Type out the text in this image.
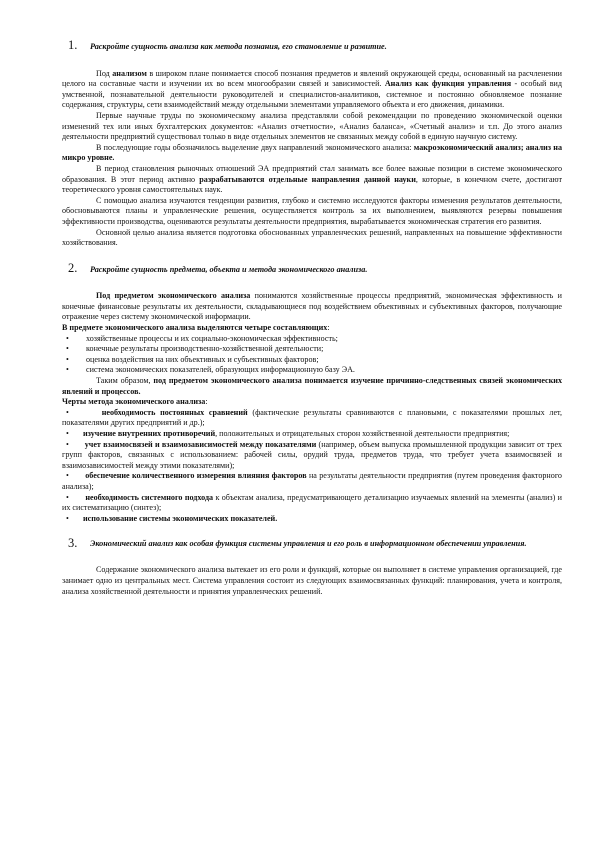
1.	Раскройте сущность анализа как метода познания, его становление и развитие.

Под анализом в широком плане понимается способ познания предметов и явлений окружающей среды, основанный на расчленении целого на составные части и изучении их во всем многообразии связей и зависимостей. Анализ как функция управления - особый вид умственной, познавательной деятельности руководителей и специалистов-аналитиков, системное и постоянно обновляемое познание содержания, структуры, сети взаимодействий между отдельными элементами управляемого объекта и его движения, динамики.

Первые научные труды по экономическому анализа представляли собой рекомендации по проведению экономической оценки изменений тех или иных бухгалтерских документов: «Анализ отчетности», «Анализ баланса», «Счетный анализ» и т.п. До этого анализ деятельности предприятий существовал только в виде отдельных элементов не связанных между собой в единую научную систему.

В последующие годы обозначилось выделение двух направлений экономического анализа: макроэкономический анализ; анализ на микро уровне.

В период становления рыночных отношений ЭА предприятий стал занимать все более важные позиции в системе экономического образования. В этот период активно разрабатываются отдельные направления данной науки, которые, в конечном счете, достигают теоретического уровня самостоятельных наук.

С помощью анализа изучаются тенденции развития, глубоко и системно исследуются факторы изменения результатов деятельности, обосновываются планы и управленческие решения, осуществляется контроль за их выполнением, выявляются резервы повышения эффективности производства, оцениваются результаты деятельности предприятия, вырабатывается экономическая стратегия его развития.

Основной целью анализа является подготовка обоснованных управленческих решений, направленных на повышение эффективности хозяйствования.

2.	Раскройте сущность предмета, объекта и метода экономического анализа.

Под предметом экономического анализа понимаются хозяйственные процессы предприятий, экономическая эффективность и конечные финансовые результаты их деятельности, складывающиеся под воздействием объективных и субъективных факторов, получающие отражение через систему экономической информации.

В предмете экономического анализа выделяются четыре составляющих:

•	хозяйственные процессы и их социально-экономическая эффективность;
•	конечные результаты производственно-хозяйственной деятельности;
•	оценка воздействия на них объективных и субъективных факторов;
•	система экономических показателей, образующих информационную базу ЭА.

Таким образом, под предметом экономического анализа понимается изучение причинно-следственных связей экономических явлений и процессов.

Черты метода экономического анализа:

•	необходимость постоянных сравнений (фактические результаты сравниваются с плановыми, с показателями прошлых лет, показателями других предприятий и др.);

• изучение внутренних противоречий, положительных и отрицательных сторон хозяйственной деятельности предприятия;

• учет взаимосвязей и взаимозависимостей между показателями (например, объем выпуска промышленной продукции зависит от трех групп факторов, связанных с использованием: рабочей силы, орудий труда, предметов труда, что требует учета взаимосвязей и взаимозависимостей между этими показателями);

• обеспечение количественного измерения влияния факторов на результаты деятельности предприятия (путем проведения факторного анализа);

• необходимость системного подхода к объектам анализа, предусматривающего детализацию изучаемых явлений на элементы (анализ) и их систематизацию (синтез);

• использование системы экономических показателей.

3.	Экономический анализ как особая функция системы управления и его роль в информационном обеспечении управления.

Содержание экономического анализа вытекает из его роли и функций, которые он выполняет в системе управления организацией, где занимает одно из центральных мест. Система управления состоит из следующих взаимосвязанных функций: планирования, учета и контроля, анализа хозяйственной деятельности и принятия управленческих решений.
